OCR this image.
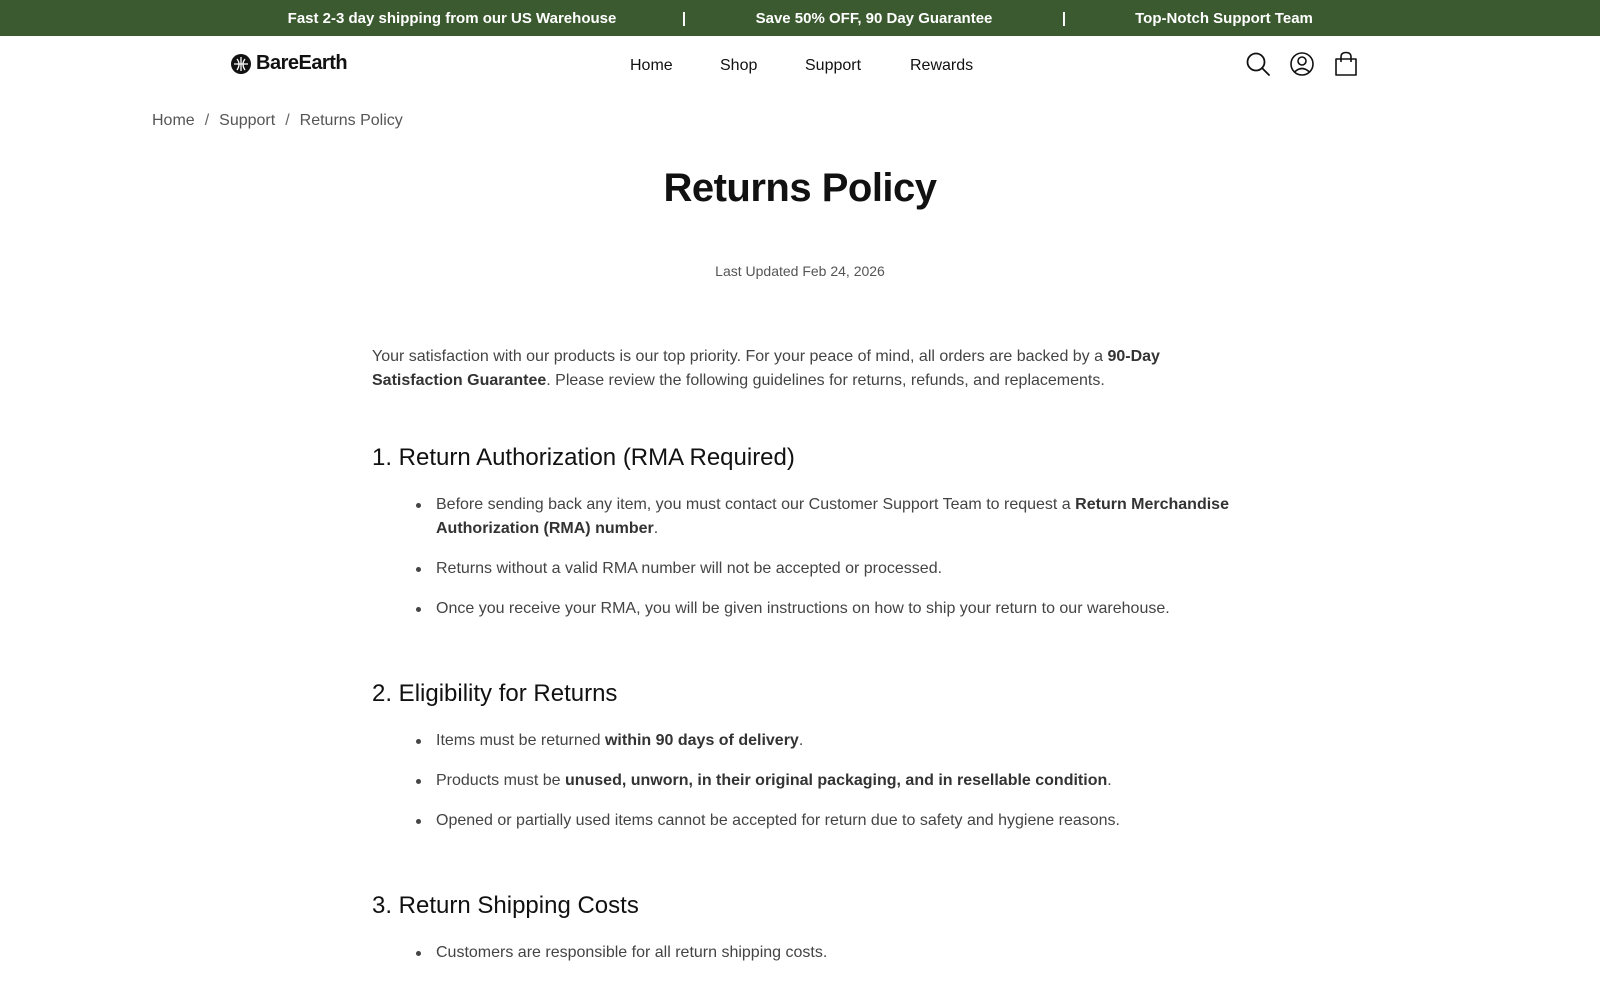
Fast 2-3 day shipping from our US Warehouse	|	Save 50% OFF, 90 Day Guarantee	|	Top-Notch Support Team
BareEarth	Home	Shop	Support	Rewards
Home / Support / Returns Policy
Returns Policy
Last Updated Feb 24, 2026

Your satisfaction with our products is our top priority. For your peace of mind, all orders are backed by a 90-Day Satisfaction Guarantee. Please review the following guidelines for returns, refunds, and replacements.

1. Return Authorization (RMA Required)
Before sending back any item, you must contact our Customer Support Team to request a Return Merchandise Authorization (RMA) number.
Returns without a valid RMA number will not be accepted or processed.
Once you receive your RMA, you will be given instructions on how to ship your return to our warehouse.
2. Eligibility for Returns
Items must be returned within 90 days of delivery.
Products must be unused, unworn, in their original packaging, and in resellable condition.
Opened or partially used items cannot be accepted for return due to safety and hygiene reasons.
3. Return Shipping Costs
Customers are responsible for all return shipping costs.
